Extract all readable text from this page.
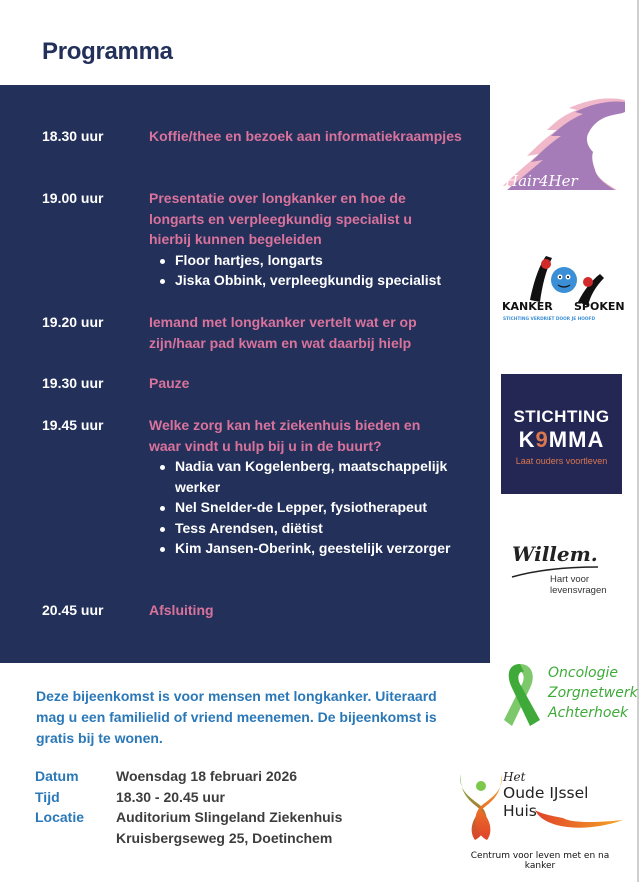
Programma
18.30 uur	Koffie/thee en bezoek aan informatiekraampjes
19.00 uur	Presentatie over longkanker en hoe de longarts en verpleegkundig specialist u hierbij kunnen begeleiden
Floor hartjes, longarts
Jiska Obbink, verpleegkundig specialist
19.20 uur	Iemand met longkanker vertelt wat er op zijn/haar pad kwam en wat daarbij hielp
19.30 uur	Pauze
19.45 uur	Welke zorg kan het ziekenhuis bieden en waar vindt u hulp bij u in de buurt?
Nadia van Kogelenberg, maatschappelijk werker
Nel Snelder-de Lepper, fysiotherapeut
Tess Arendsen, diëtist
Kim Jansen-Oberink, geestelijk verzorger
20.45 uur	Afsluiting

Deze bijeenkomst is voor mensen met longkanker. Uiteraard mag u een familielid of vriend meenemen. De bijeenkomst is gratis bij te wonen.

Datum	Woensdag 18 februari 2026
Tijd	18.30 - 20.45 uur
Locatie	Auditorium Slingeland Ziekenhuis
Kruisbergseweg 25, Doetinchem
Hair4Her
KANKER SPOKEN
STICHTING VERDRIET DOOR JE HOOFD
STICHTING
K9MMA
Laat ouders voortleven
Willem.
Hart voor
levensvragen
Oncologie
Zorgnetwerk
Achterhoek
Het
Oude IJssel Huis
Centrum voor leven met en na kanker
